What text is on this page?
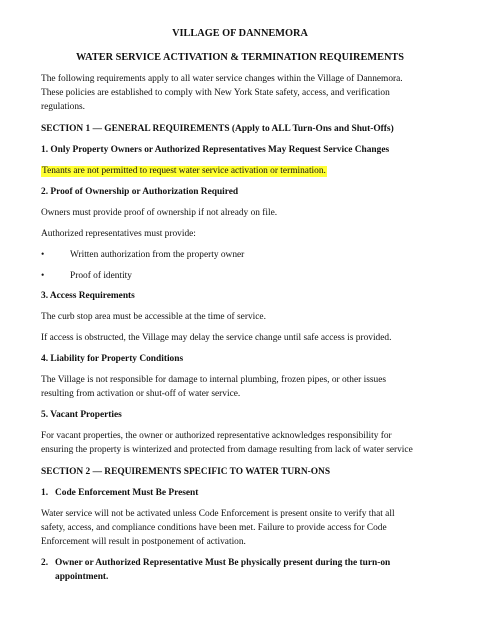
VILLAGE OF DANNEMORA

WATER SERVICE ACTIVATION & TERMINATION REQUIREMENTS

The following requirements apply to all water service changes within the Village of Dannemora.

These policies are established to comply with New York State safety, access, and verification

regulations.

SECTION 1 — GENERAL REQUIREMENTS (Apply to ALL Turn-Ons and Shut-Offs)

1. Only Property Owners or Authorized Representatives May Request Service Changes

Tenants are not permitted to request water service activation or termination.

2. Proof of Ownership or Authorization Required

Owners must provide proof of ownership if not already on file.

Authorized representatives must provide:

•	Written authorization from the property owner

•	Proof of identity

3. Access Requirements

The curb stop area must be accessible at the time of service.

If access is obstructed, the Village may delay the service change until safe access is provided.

4. Liability for Property Conditions

The Village is not responsible for damage to internal plumbing, frozen pipes, or other issues

resulting from activation or shut-off of water service.

5. Vacant Properties

For vacant properties, the owner or authorized representative acknowledges responsibility for

ensuring the property is winterized and protected from damage resulting from lack of water service

SECTION 2 — REQUIREMENTS SPECIFIC TO WATER TURN-ONS

1. Code Enforcement Must Be Present

Water service will not be activated unless Code Enforcement is present onsite to verify that all

safety, access, and compliance conditions have been met. Failure to provide access for Code

Enforcement will result in postponement of activation.

2. Owner or Authorized Representative Must Be physically present during the turn-on

appointment.
